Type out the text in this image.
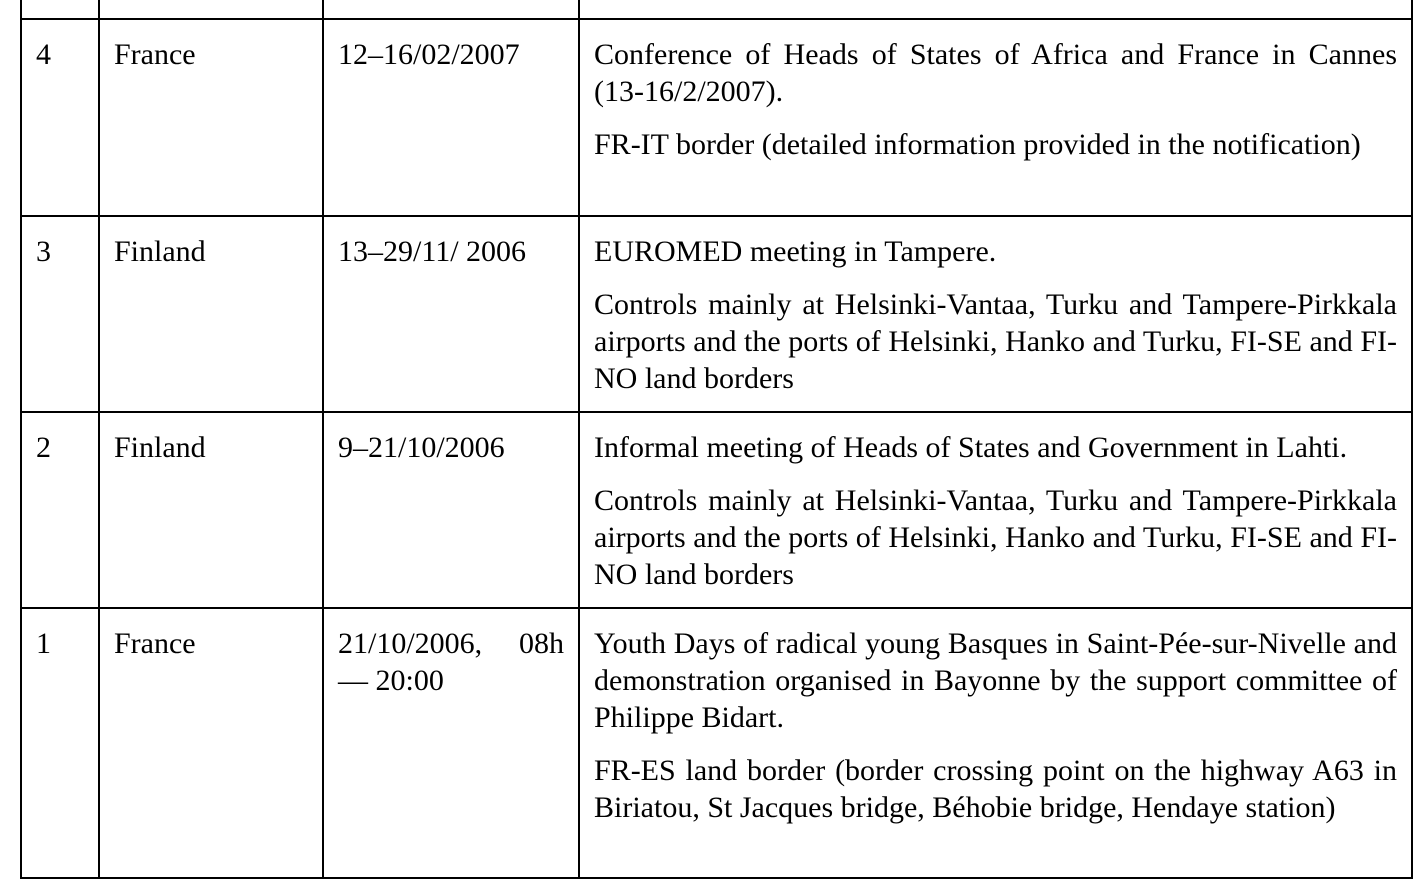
4	France	12–16/02/2007	Conference of Heads of States of Africa and France in Cannes (13-16/2/2007).

FR-IT border (detailed information provided in the notification)

3	Finland	13–29/11/ 2006	EUROMED meeting in Tampere.

Controls mainly at Helsinki-Vantaa, Turku and Tampere-Pirkkala airports and the ports of Helsinki, Hanko and Turku, FI-SE and FI-NO land borders

2	Finland	9–21/10/2006	Informal meeting of Heads of States and Government in Lahti.

Controls mainly at Helsinki-Vantaa, Turku and Tampere-Pirkkala airports and the ports of Helsinki, Hanko and Turku, FI-SE and FI-NO land borders

1	France	21/10/2006, 08h — 20:00	Youth Days of radical young Basques in Saint-Pée-sur-Nivelle and demonstration organised in Bayonne by the support committee of Philippe Bidart.

FR-ES land border (border crossing point on the highway A63 in Biriatou, St Jacques bridge, Béhobie bridge, Hendaye station)
